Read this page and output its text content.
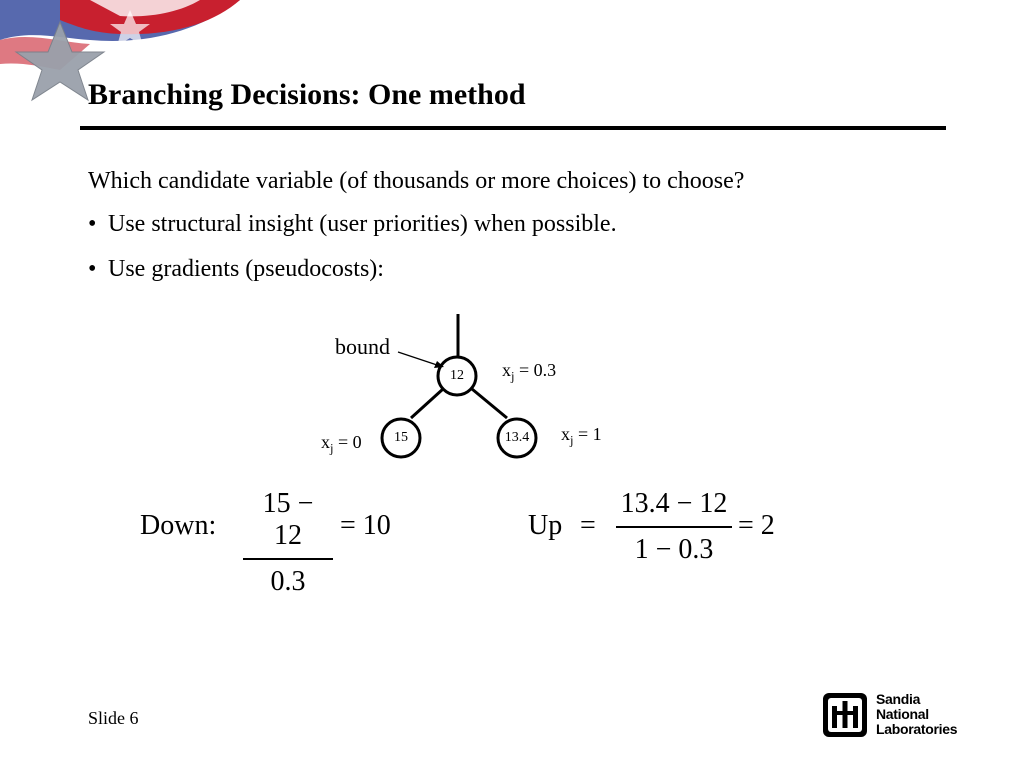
Branching Decisions: One method
Which candidate variable (of thousands or more choices) to choose?
• Use structural insight (user priorities) when possible.
• Use gradients (pseudocosts):
bound
12
15	13.4
$x_j = 0.3$
$x_j = 0$	$x_j = 1$
Down: $\frac{15 - 12}{0.3} = 10$	$Up = \frac{13.4 - 12}{1 - 0.3} = 2$
Slide 6
Sandia
National
Laboratories
